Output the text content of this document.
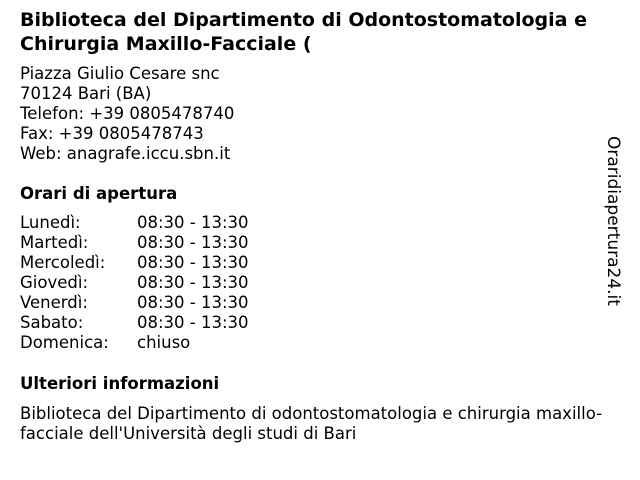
Biblioteca del Dipartimento di Odontostomatologia e Chirurgia Maxillo-Facciale (
Piazza Giulio Cesare snc
70124 Bari (BA)
Telefon: +39 0805478740
Fax: +39 0805478743
Web: anagrafe.iccu.sbn.it
Orari di apertura
Lunedì:	08:30 - 13:30
Martedì:	08:30 - 13:30
Mercoledì: 08:30 - 13:30
Giovedì:	08:30 - 13:30
Venerdì:	08:30 - 13:30
Sabato:	08:30 - 13:30
Domenica: chiuso
Ulteriori informazioni
Biblioteca del Dipartimento di odontostomatologia e chirurgia maxillo-facciale dell'Università degli studi di Bari
Oraridiapertura24.it
